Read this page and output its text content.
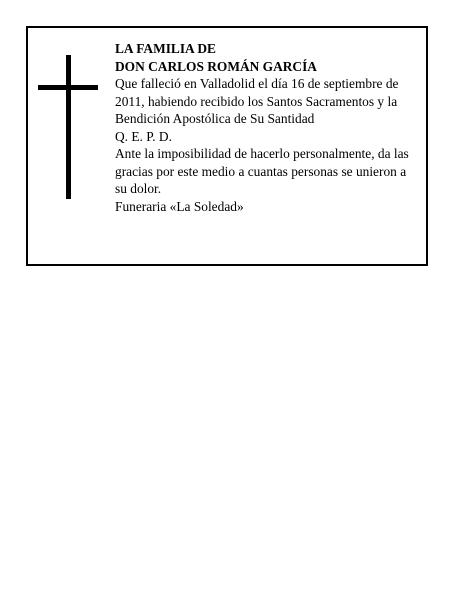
LA FAMILIA DE

DON CARLOS ROMÁN GARCÍA

Que falleció en Valladolid el día 16 de septiembre de 2011, habiendo recibido los Santos Sacramentos y la Bendición Apostólica de Su Santidad

Q. E. P. D.

Ante la imposibilidad de hacerlo personalmente, da las gracias por este medio a cuantas personas se unieron a su dolor.

Funeraria «La Soledad»
